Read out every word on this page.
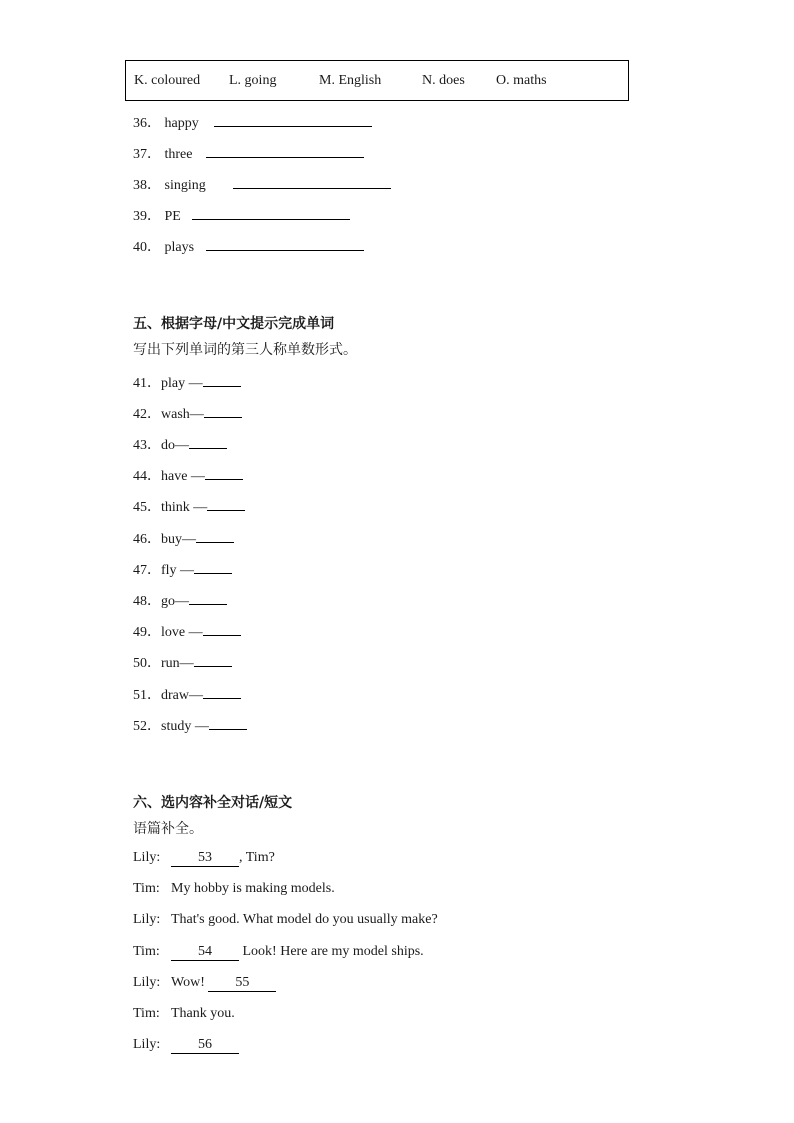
K. coloured L. going	M. English	N. does O. maths
36． happy
37． three
38． singing
39． PE
40． plays
五、根据字母/中文提示完成单词
写出下列单词的第三人称单数形式。
41．play —
42．wash—
43．do—
44．have —
45．think —
46．buy—
47．fly —
48．go—
49．love —
50．run—
51．draw—
52．study —
六、选内容补全对话/短文
语篇补全。
Lily:	53 , Tim?
Tim: My hobby is making models.
Lily: That's good. What model do you usually make?
Tim:	54 Look! Here are my model ships.
Lily: Wow! 55
Tim: Thank you.
Lily:	56
